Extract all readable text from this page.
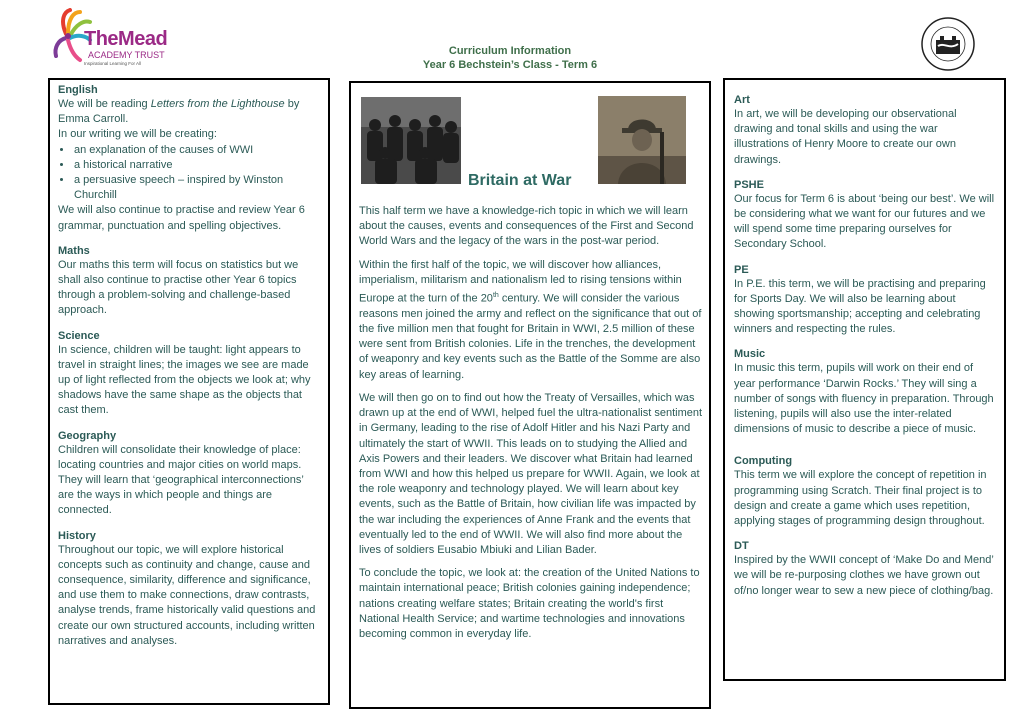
TheMead
ACADEMY TRUST
Inspirational Learning For All
Curriculum Information
Year 6 Bechstein’s Class - Term 6

English

We will be reading Letters from the Lighthouse by Emma Carroll.

In our writing we will be creating:

• an explanation of the causes of WWI
• a historical narrative
• a persuasive speech – inspired by Winston Churchill

We will also continue to practise and review Year 6 grammar, punctuation and spelling objectives.

Maths

Our maths this term will focus on statistics but we shall also continue to practise other Year 6 topics through a problem-solving and challenge-based approach.

Science

In science, children will be taught: light appears to travel in straight lines; the images we see are made up of light reflected from the objects we look at; why shadows have the same shape as the objects that cast them.

Geography

Children will consolidate their knowledge of place: locating countries and major cities on world maps. They will learn that ‘geographical interconnections’ are the ways in which people and things are connected.

History

Throughout our topic, we will explore historical concepts such as continuity and change, cause and consequence, similarity, difference and significance, and use them to make connections, draw contrasts, analyse trends, frame historically valid questions and create our own structured accounts, including written narratives and analyses.

Britain at War

This half term we have a knowledge-rich topic in which we will learn about the causes, events and consequences of the First and Second World Wars and the legacy of the wars in the post-war period.

Within the first half of the topic, we will discover how alliances, imperialism, militarism and nationalism led to rising tensions within Europe at the turn of the 20th century. We will consider the various reasons men joined the army and reflect on the significance that out of the five million men that fought for Britain in WWI, 2.5 million of these were sent from British colonies. Life in the trenches, the development of weaponry and key events such as the Battle of the Somme are also key areas of learning.

We will then go on to find out how the Treaty of Versailles, which was drawn up at the end of WWI, helped fuel the ultra-nationalist sentiment in Germany, leading to the rise of Adolf Hitler and his Nazi Party and ultimately the start of WWII. This leads on to studying the Allied and Axis Powers and their leaders. We discover what Britain had learned from WWI and how this helped us prepare for WWII. Again, we look at the role weaponry and technology played. We will learn about key events, such as the Battle of Britain, how civilian life was impacted by the war including the experiences of Anne Frank and the events that eventually led to the end of WWII. We will also find more about the lives of soldiers Eusabio Mbiuki and Lilian Bader.

To conclude the topic, we look at: the creation of the United Nations to maintain international peace; British colonies gaining independence; nations creating welfare states; Britain creating the world's first National Health Service; and wartime technologies and innovations becoming common in everyday life.

Art

In art, we will be developing our observational drawing and tonal skills and using the war illustrations of Henry Moore to create our own drawings.

PSHE

Our focus for Term 6 is about ‘being our best’. We will be considering what we want for our futures and we will spend some time preparing ourselves for Secondary School.

PE

In P.E. this term, we will be practising and preparing for Sports Day. We will also be learning about showing sportsmanship; accepting and celebrating winners and respecting the rules.

Music

In music this term, pupils will work on their end of year performance ‘Darwin Rocks.’ They will sing a number of songs with fluency in preparation. Through listening, pupils will also use the inter-related dimensions of music to describe a piece of music.

Computing

This term we will explore the concept of repetition in programming using Scratch. Their final project is to design and create a game which uses repetition, applying stages of programming design throughout.

DT

Inspired by the WWII concept of ‘Make Do and Mend’ we will be re-purposing clothes we have grown out of/no longer wear to sew a new piece of clothing/bag.
